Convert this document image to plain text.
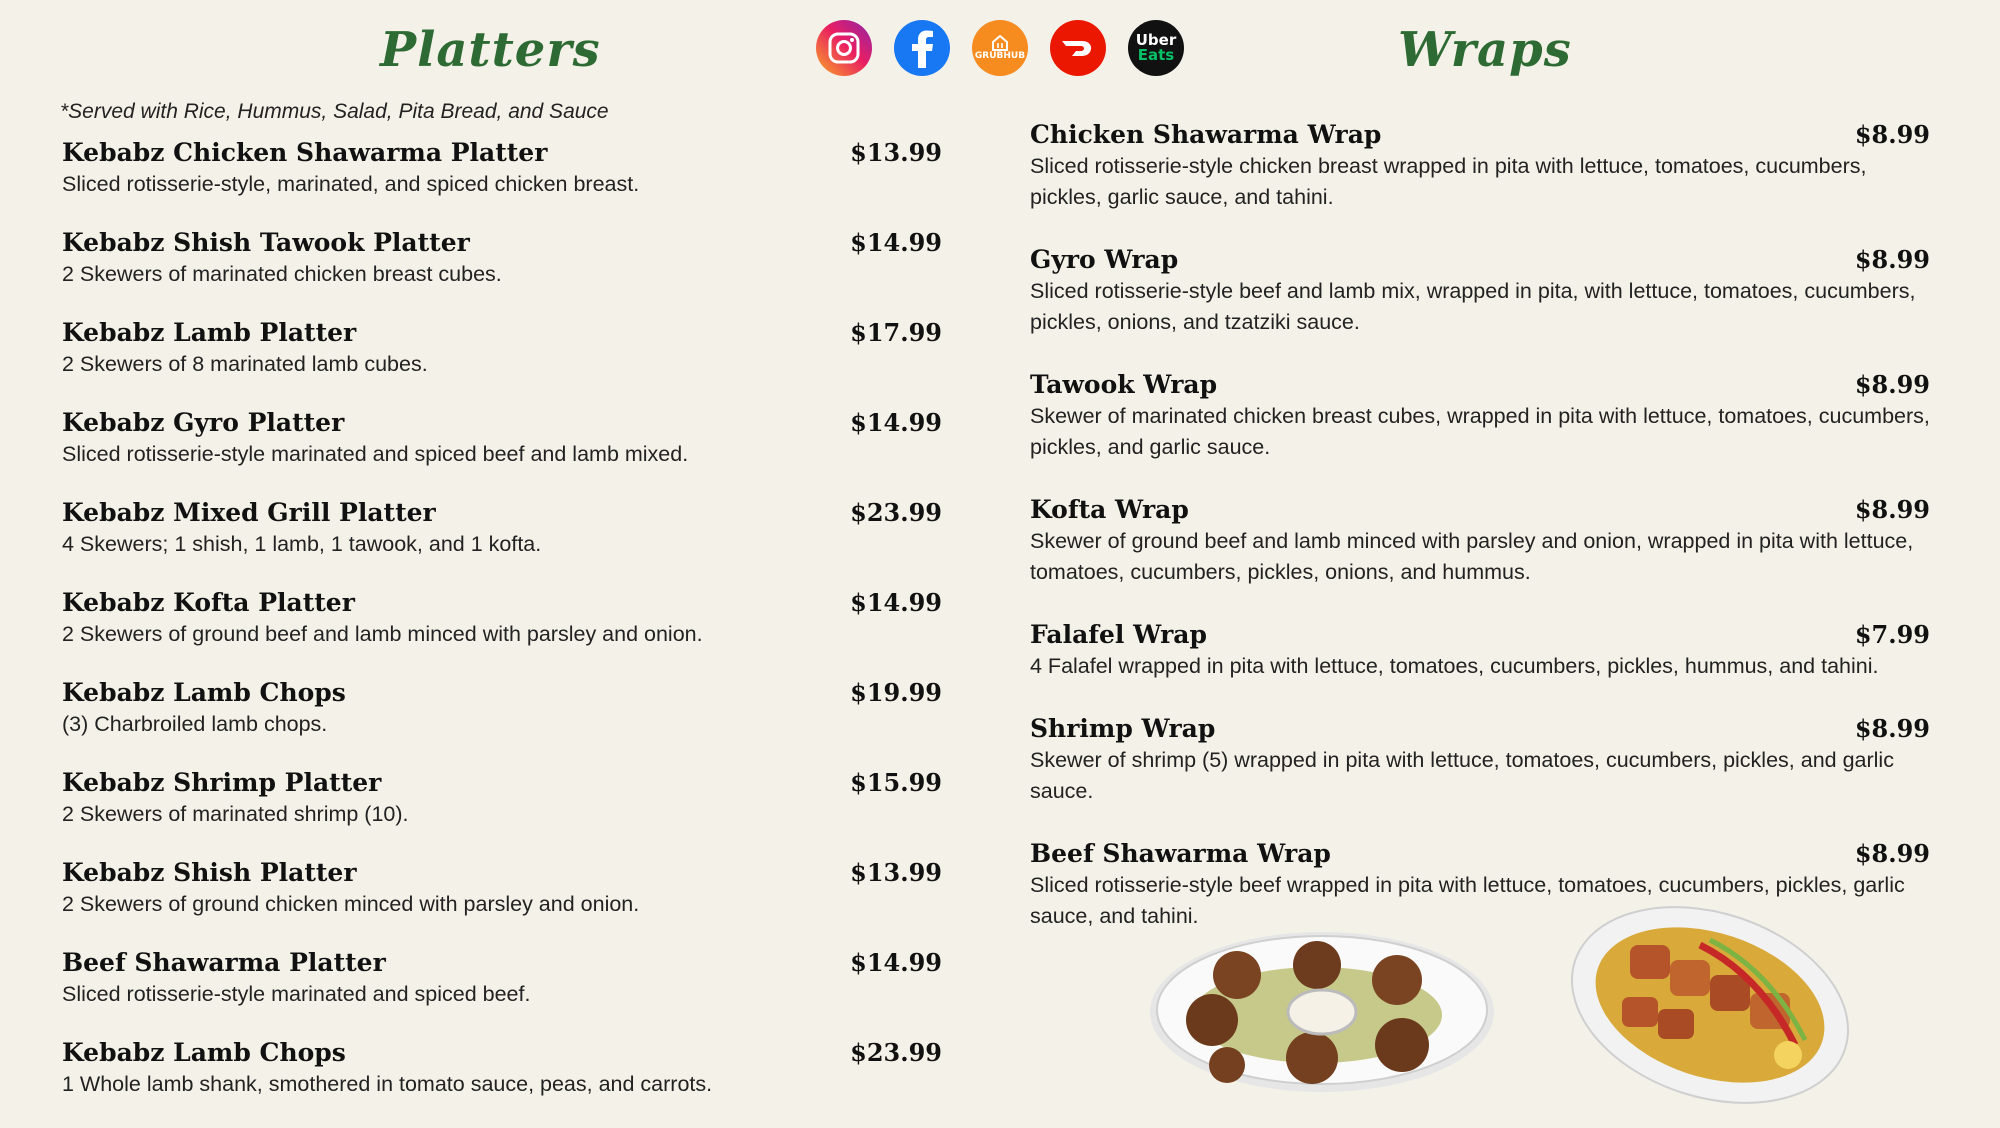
Platters	Wraps
GRUBHUB
Uber
Eats
*Served with Rice, Hummus, Salad, Pita Bread, and Sauce
Kebabz Chicken Shawarma Platter	$13.99
Sliced rotisserie-style, marinated, and spiced chicken breast.
Kebabz Shish Tawook Platter	$14.99
2 Skewers of marinated chicken breast cubes.
Kebabz Lamb Platter	$17.99
2 Skewers of 8 marinated lamb cubes.
Kebabz Gyro Platter	$14.99
Sliced rotisserie-style marinated and spiced beef and lamb mixed.
Kebabz Mixed Grill Platter	$23.99
4 Skewers; 1 shish, 1 lamb, 1 tawook, and 1 kofta.
Kebabz Kofta Platter	$14.99
2 Skewers of ground beef and lamb minced with parsley and onion.
Kebabz Lamb Chops	$19.99
(3) Charbroiled lamb chops.
Kebabz Shrimp Platter	$15.99
2 Skewers of marinated shrimp (10).
Kebabz Shish Platter	$13.99
2 Skewers of ground chicken minced with parsley and onion.
Beef Shawarma Platter	$14.99
Sliced rotisserie-style marinated and spiced beef.
Kebabz Lamb Chops	$23.99
1 Whole lamb shank, smothered in tomato sauce, peas, and carrots.
Chicken Shawarma Wrap	$8.99
Sliced rotisserie-style chicken breast wrapped in pita with lettuce, tomatoes, cucumbers, pickles, garlic sauce, and tahini.
Gyro Wrap	$8.99
Sliced rotisserie-style beef and lamb mix, wrapped in pita, with lettuce, tomatoes, cucumbers, pickles, onions, and tzatziki sauce.
Tawook Wrap	$8.99
Skewer of marinated chicken breast cubes, wrapped in pita with lettuce, tomatoes, cucumbers, pickles, and garlic sauce.
Kofta Wrap	$8.99
Skewer of ground beef and lamb minced with parsley and onion, wrapped in pita with lettuce, tomatoes, cucumbers, pickles, onions, and hummus.
Falafel Wrap	$7.99
4 Falafel wrapped in pita with lettuce, tomatoes, cucumbers, pickles, hummus, and tahini.
Shrimp Wrap	$8.99
Skewer of shrimp (5) wrapped in pita with lettuce, tomatoes, cucumbers, pickles, and garlic sauce.
Beef Shawarma Wrap	$8.99
Sliced rotisserie-style beef wrapped in pita with lettuce, tomatoes, cucumbers, pickles, garlic sauce, and tahini.
